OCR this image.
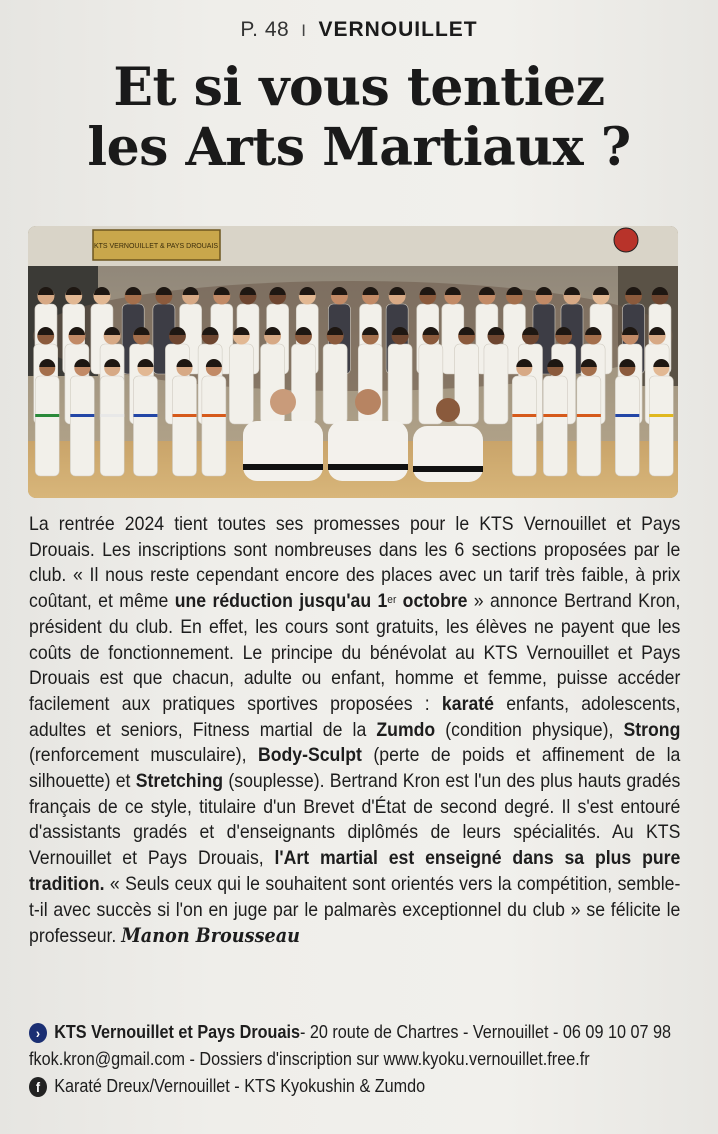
P. 48 I VERNOUILLET
Et si vous tentiez
les Arts Martiaux ?
KTS VERNOUILLET & PAYS DROUAIS
La rentrée 2024 tient toutes ses promesses pour le KTS Vernouillet et Pays Drouais. Les inscriptions sont nombreuses dans les 6 sections proposées par le club. « Il nous reste cependant encore des places avec un tarif très faible, à prix coûtant, et même une réduction jusqu'au 1er octobre » annonce Bertrand Kron, président du club. En effet, les cours sont gratuits, les élèves ne payent que les coûts de fonctionnement. Le principe du bénévolat au KTS Vernouillet et Pays Drouais est que chacun, adulte ou enfant, homme et femme, puisse accéder facilement aux pratiques sportives proposées : karaté enfants, adolescents, adultes et seniors, Fitness martial de la Zumdo (condition physique), Strong (renforcement musculaire), Body-Sculpt (perte de poids et affinement de la silhouette) et Stretching (souplesse). Bertrand Kron est l'un des plus hauts gradés français de ce style, titulaire d'un Brevet d'État de second degré. Il s'est entouré d'assistants gradés et d'enseignants diplômés de leurs spécialités. Au KTS Vernouillet et Pays Drouais, l'Art martial est enseigné dans sa plus pure tradition. « Seuls ceux qui le souhaitent sont orientés vers la compétition, semble-t-il avec succès si l'on en juge par le palmarès exceptionnel du club » se félicite le professeur. Manon Brousseau
› KTS Vernouillet et Pays Drouais - 20 route de Chartres - Vernouillet - 06 09 10 07 98
fkok.kron@gmail.com - Dossiers d'inscription sur www.kyoku.vernouillet.free.fr
f Karaté Dreux/Vernouillet - KTS Kyokushin & Zumdo
